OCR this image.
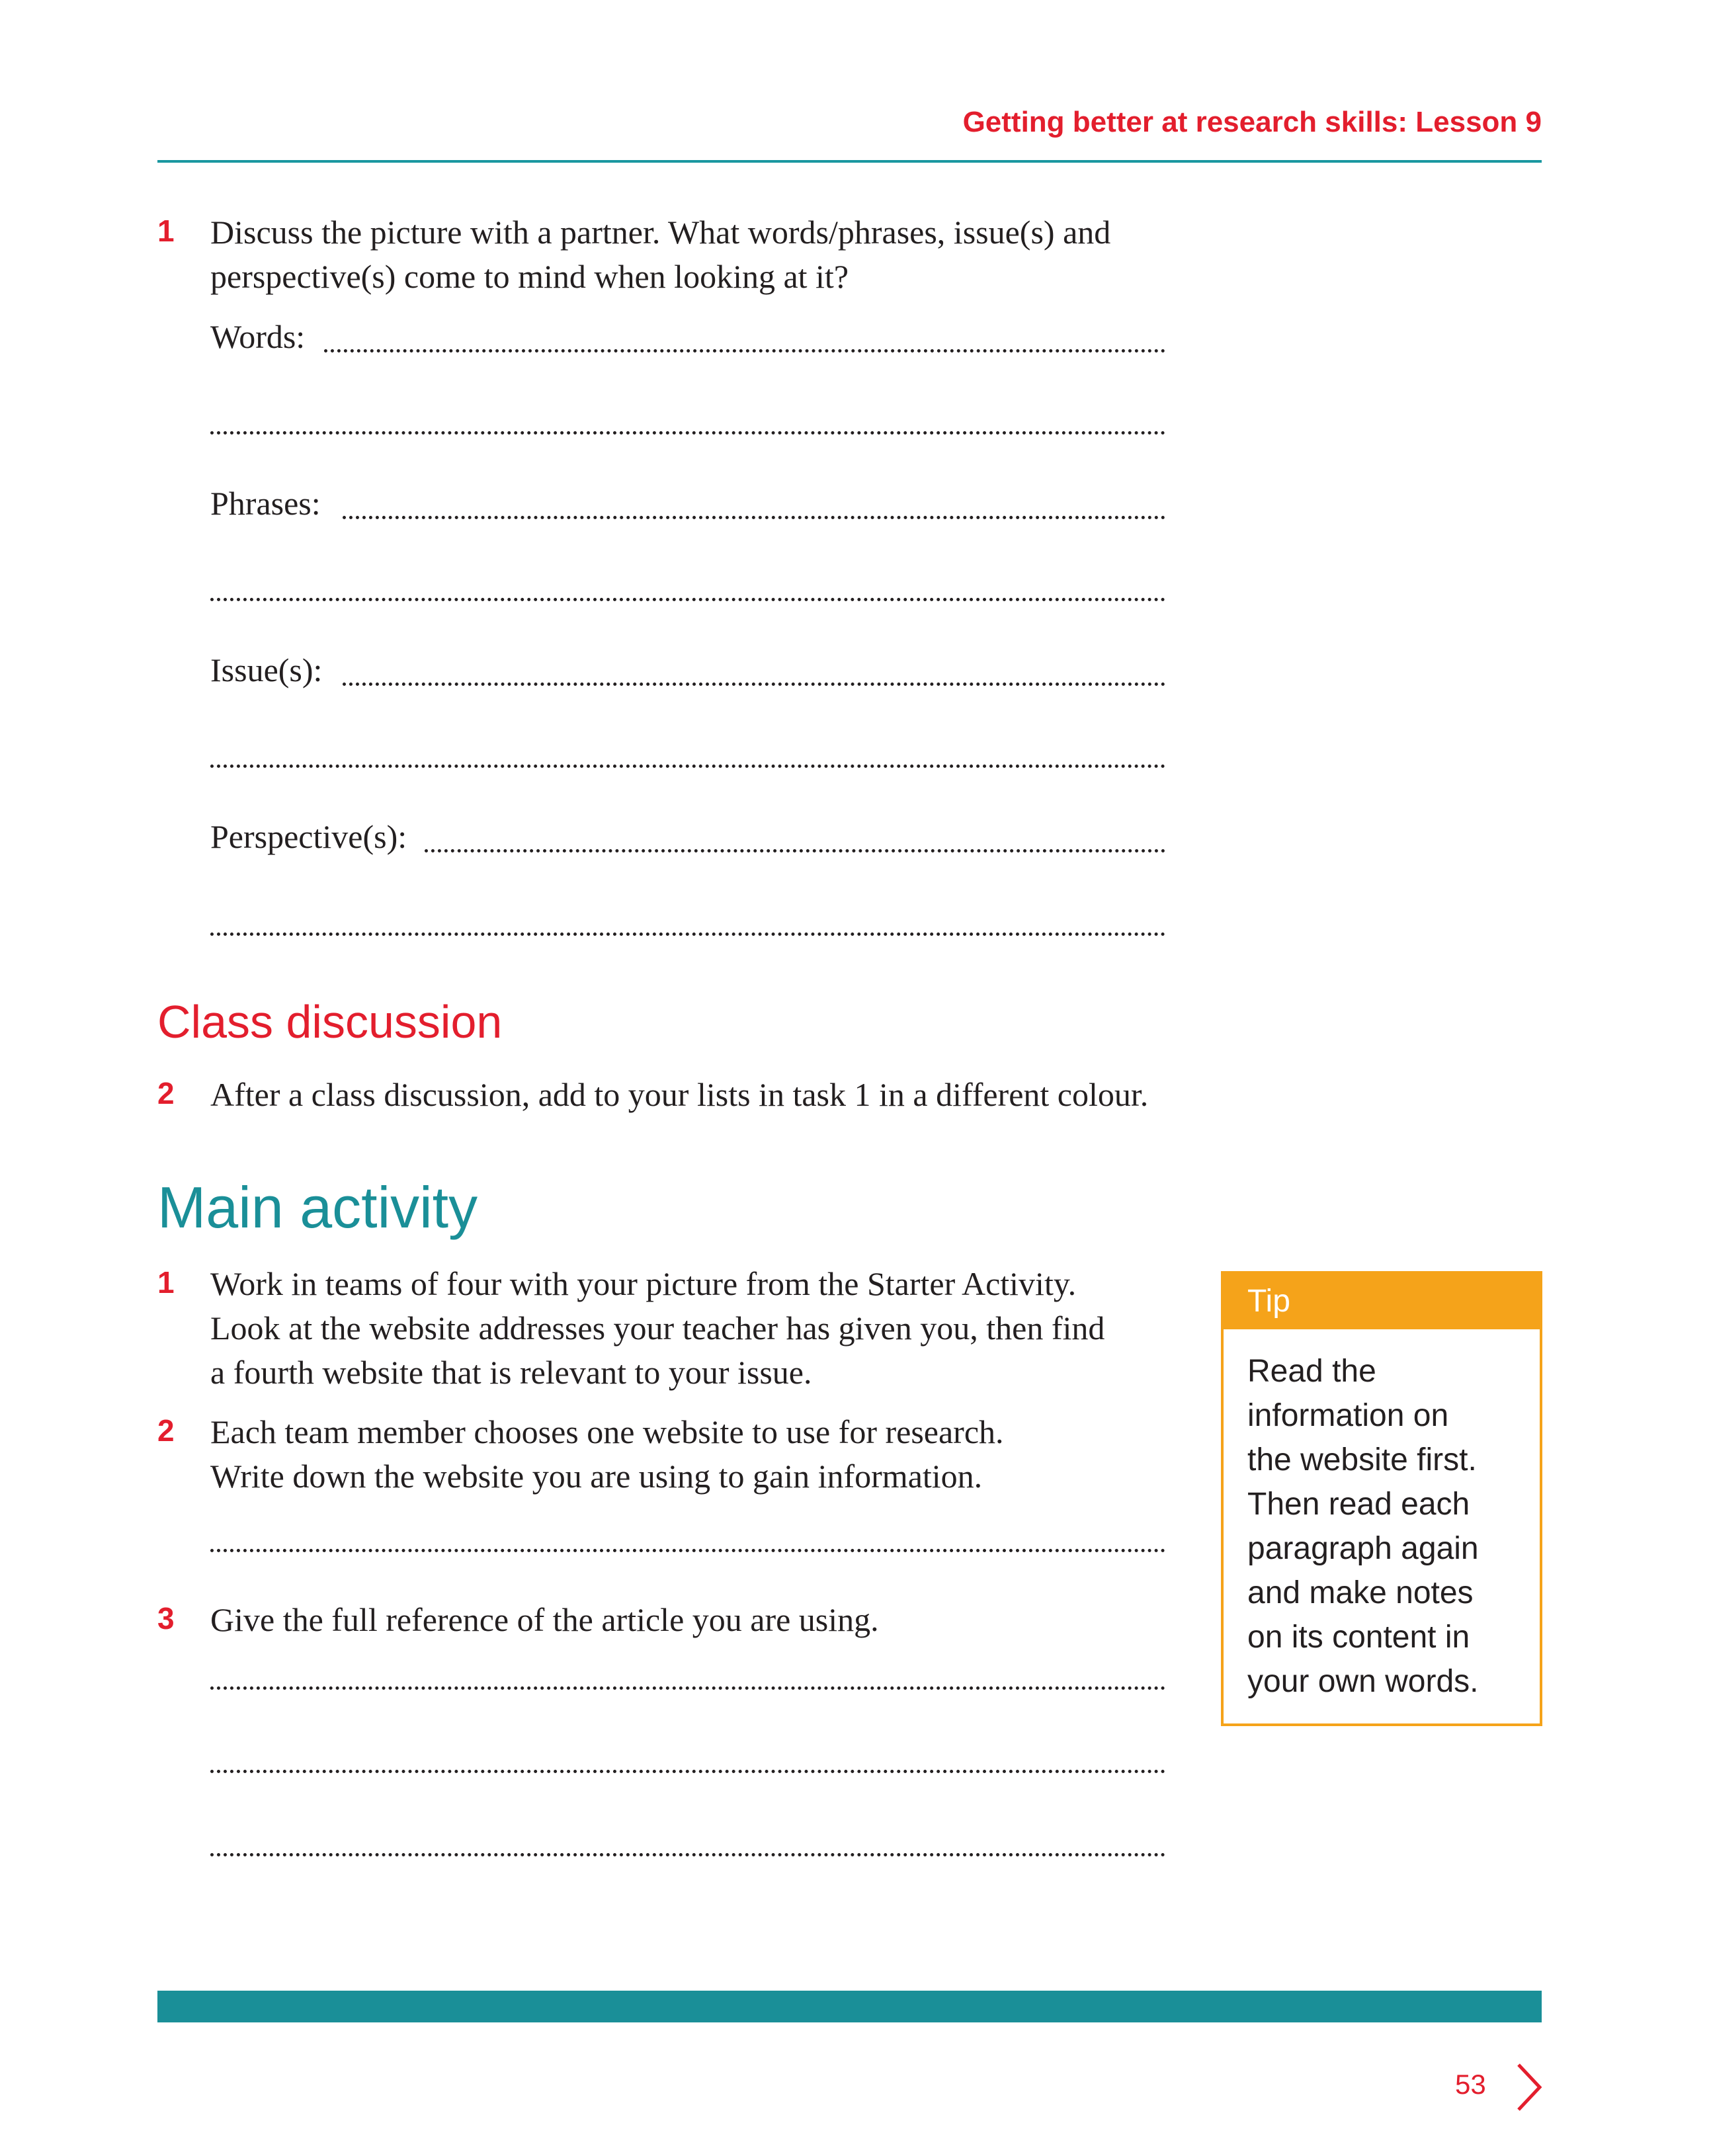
Getting better at research skills: Lesson 9
1 Discuss the picture with a partner. What words/phrases, issue(s) and
perspective(s) come to mind when looking at it?
Words:
Phrases:
Issue(s):
Perspective(s):
Class discussion
2 After a class discussion, add to your lists in task 1 in a different colour.
Main activity
1 Work in teams of four with your picture from the Starter Activity.
Look at the website addresses your teacher has given you, then find
a fourth website that is relevant to your issue.
2 Each team member chooses one website to use for research.
Write down the website you are using to gain information.
3 Give the full reference of the article you are using.
Tip
Read the
information on
the website first.
Then read each
paragraph again
and make notes
on its content in
your own words.
53
